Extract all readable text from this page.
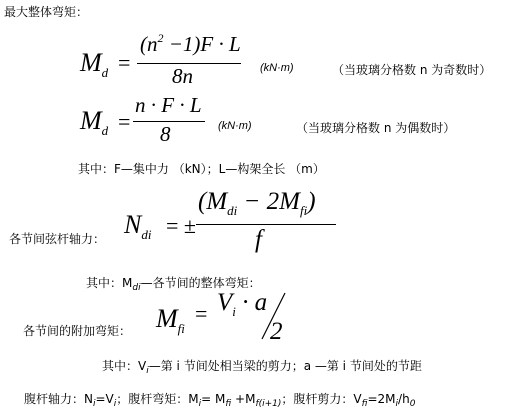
最大整体弯矩：
$M_d$ =
$(n^2 -1)F \cdot L$
8n	(kN·m)	（当玻璃分格数 n 为奇数时）
$M_d$ =
n · F · L
8	(kN·m)	（当玻璃分格数 n 为偶数时）
其中：F—集中力 （kN）；L—构架全长 （m）
各节间弦杆轴力： $N_{di}$ = ±
$(M_{di} - 2M_{fi})$
f
其中：$M_{di}—$各节间的整体弯矩：
各节间的附加弯矩： $M_{fi}$
= $V_i \cdot a$
2
其中：$V_i—$第 i 节间处相当梁的剪力；a —第 i 节间处的节距
腹杆轴力：$N_i=V_i$；腹杆弯矩：$M_i= M_{fi} +M_{f(i+1)}$；腹杆剪力：$V_{fi}=2M_i/h_0$
